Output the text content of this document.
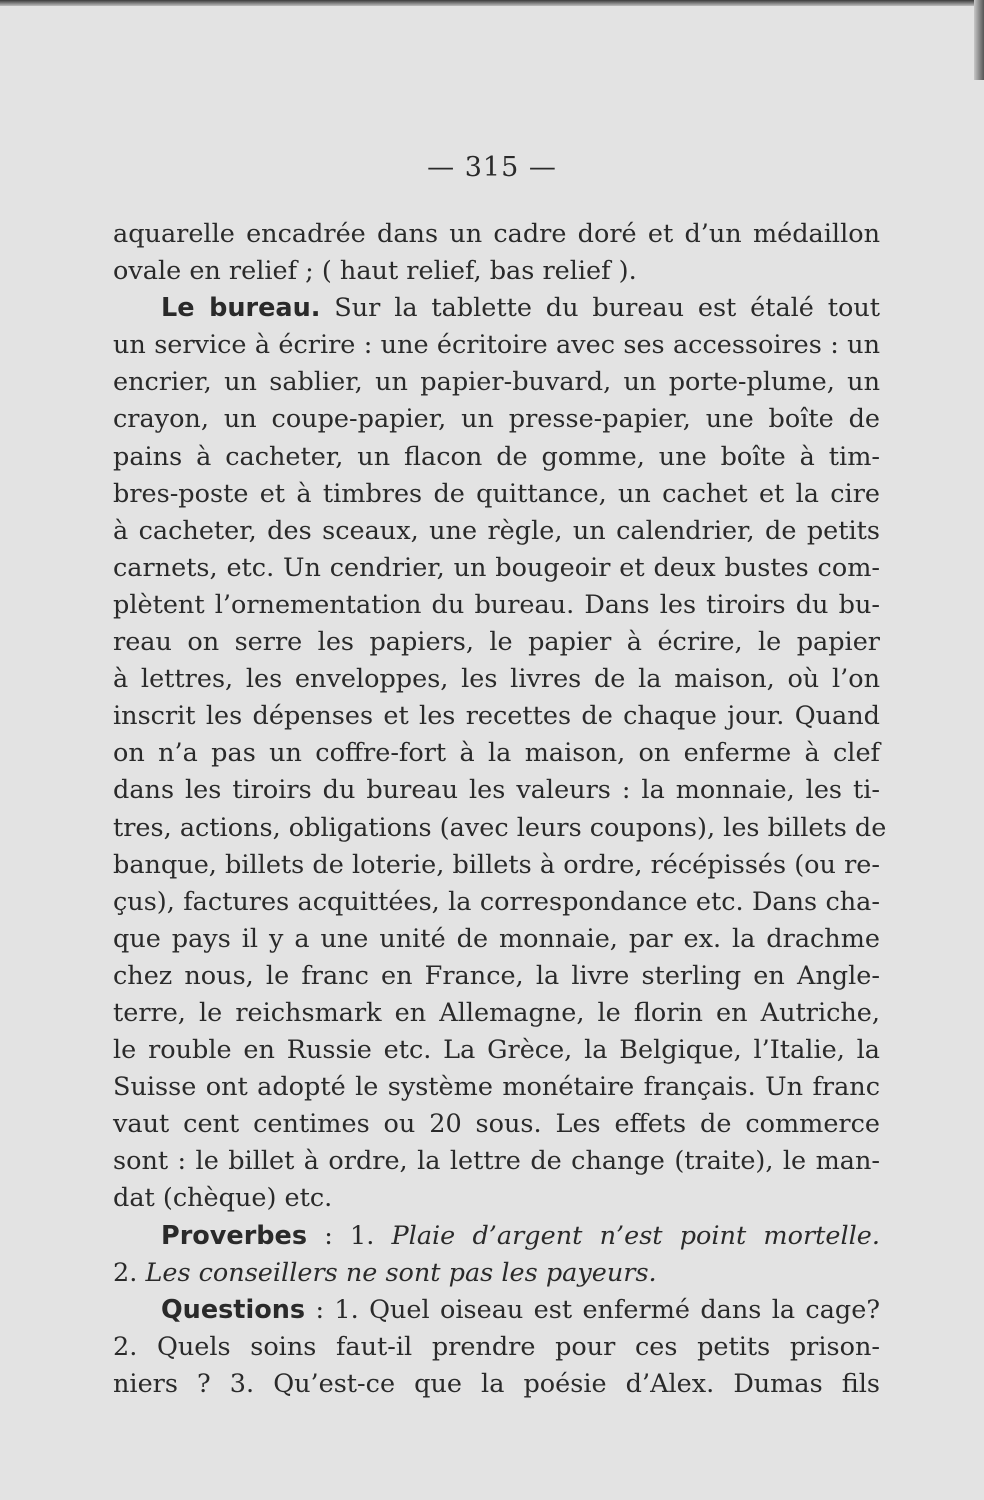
— 315 —
aquarelle encadrée dans un cadre doré et d’un médaillon
ovale en relief ; ( haut relief, bas relief ).
Le bureau. Sur la tablette du bureau est étalé tout
un service à écrire : une écritoire avec ses accessoires : un
encrier, un sablier, un papier-buvard, un porte-plume, un
crayon, un coupe-papier, un presse-papier, une boîte de
pains à cacheter, un flacon de gomme, une boîte à tim-
bres-poste et à timbres de quittance, un cachet et la cire
à cacheter, des sceaux, une règle, un calendrier, de petits
carnets, etc. Un cendrier, un bougeoir et deux bustes com-
plètent l’ornementation du bureau. Dans les tiroirs du bu-
reau on serre les papiers, le papier à écrire, le papier
à lettres, les enveloppes, les livres de la maison, où l’on
inscrit les dépenses et les recettes de chaque jour. Quand
on n’a pas un coffre-fort à la maison, on enferme à clef
dans les tiroirs du bureau les valeurs : la monnaie, les ti-
tres, actions, obligations (avec leurs coupons), les billets de
banque, billets de loterie, billets à ordre, récépissés (ou re-
çus), factures acquittées, la correspondance etc. Dans cha-
que pays il y a une unité de monnaie, par ex. la drachme
chez nous, le franc en France, la livre sterling en Angle-
terre, le reichsmark en Allemagne, le florin en Autriche,
le rouble en Russie etc. La Grèce, la Belgique, l’Italie, la
Suisse ont adopté le système monétaire français. Un franc
vaut cent centimes ou 20 sous. Les effets de commerce
sont : le billet à ordre, la lettre de change (traite), le man-
dat (chèque) etc.
Proverbes : 1. Plaie d’argent n’est point mortelle.
2. Les conseillers ne sont pas les payeurs.
Questions : 1. Quel oiseau est enfermé dans la cage?
2. Quels soins faut-il prendre pour ces petits prison-
niers ? 3. Qu’est-ce que la poésie d’Alex. Dumas fils
